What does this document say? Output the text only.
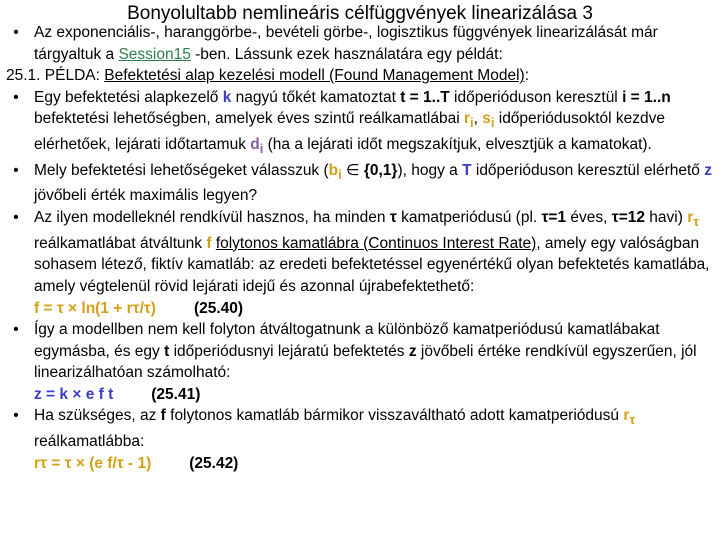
Bonyolultabb nemlineáris célfüggvények linearizálása 3
• Az exponenciális-, haranggörbe-, bevételi görbe-, logisztikus függvények linearizálását már tárgyaltuk a Session15 -ben. Lássunk ezek használatára egy példát:
25.1. PÉLDA: Befektetési alap kezelési modell (Found Management Model):
• Egy befektetési alapkezelő k nagyú tőkét kamatoztat t = 1..T időperióduson keresztül i = 1..n befektetési lehetőségben, amelyek éves szintű reálkamatlábai $r_i$, $s_i$ időperiódusoktól kezdve elérhetőek, lejárati időtartamuk $d_i$ (ha a lejárati időt megszakítjuk, elvesztjük a kamatokat).
• Mely befektetési lehetőségeket válasszuk ($b_i$ ∈ {0,1}), hogy a T időperióduson keresztül elérhető z jövőbeli érték maximális legyen?
• Az ilyen modelleknél rendkívül hasznos, ha minden τ kamatperiódusú (pl. τ=1 éves, τ=12 havi) $r_\tau$ reálkamatlábat átváltunk f folytonos kamatlábra (Continuos Interest Rate), amely egy valóságban sohasem létező, fiktív kamatláb: az eredeti befektetéssel egyenértékű olyan befektetés kamatlába, amely végtelenül rövid lejárati idejű és azonnal újrabefektethető:
f = τ × ln(1 + rτ/τ) (25.40)
• Így a modellben nem kell folyton átváltogatnunk a különböző kamatperiódusú kamatlábakat egymásba, és egy t időperiódusnyi lejáratú befektetés z jövőbeli értéke rendkívül egyszerűen, jól linearizálhatóan számolható:
z = k × e f t (25.41)
• Ha szükséges, az f folytonos kamatláb bármikor visszaváltható adott kamatperiódusú $r_\tau$ reálkamatlábba:
rτ = τ × (e f/τ - 1) (25.42)
